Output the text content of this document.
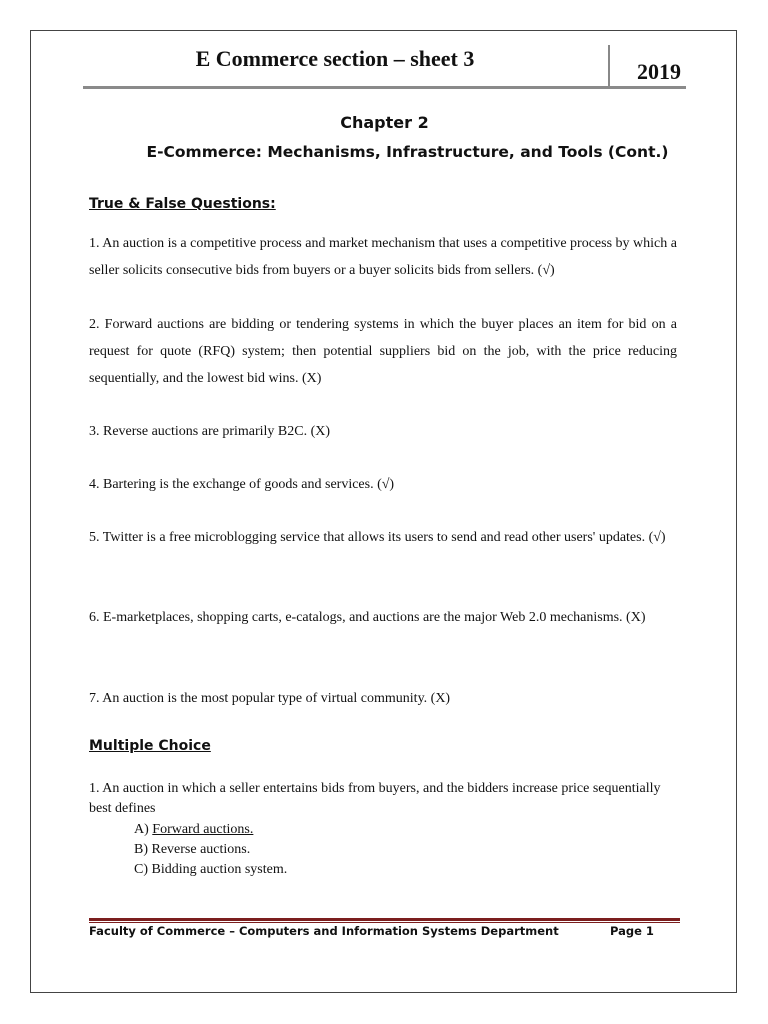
E Commerce section – sheet 3
2019
Chapter 2
E-Commerce: Mechanisms, Infrastructure, and Tools (Cont.)
True & False Questions:
1. An auction is a competitive process and market mechanism that uses a competitive process by which a seller solicits consecutive bids from buyers or a buyer solicits bids from sellers. (√)
2. Forward auctions are bidding or tendering systems in which the buyer places an item for bid on a request for quote (RFQ) system; then potential suppliers bid on the job, with the price reducing sequentially, and the lowest bid wins. (X)
3. Reverse auctions are primarily B2C. (X)
4. Bartering is the exchange of goods and services. (√)
5. Twitter is a free microblogging service that allows its users to send and read other users' updates. (√)
6. E-marketplaces, shopping carts, e-catalogs, and auctions are the major Web 2.0 mechanisms. (X)
7. An auction is the most popular type of virtual community. (X)
Multiple Choice
1. An auction in which a seller entertains bids from buyers, and the bidders increase price sequentially best defines
A) Forward auctions.
B) Reverse auctions.
C) Bidding auction system.
Faculty of Commerce – Computers and Information Systems Department	Page 1
